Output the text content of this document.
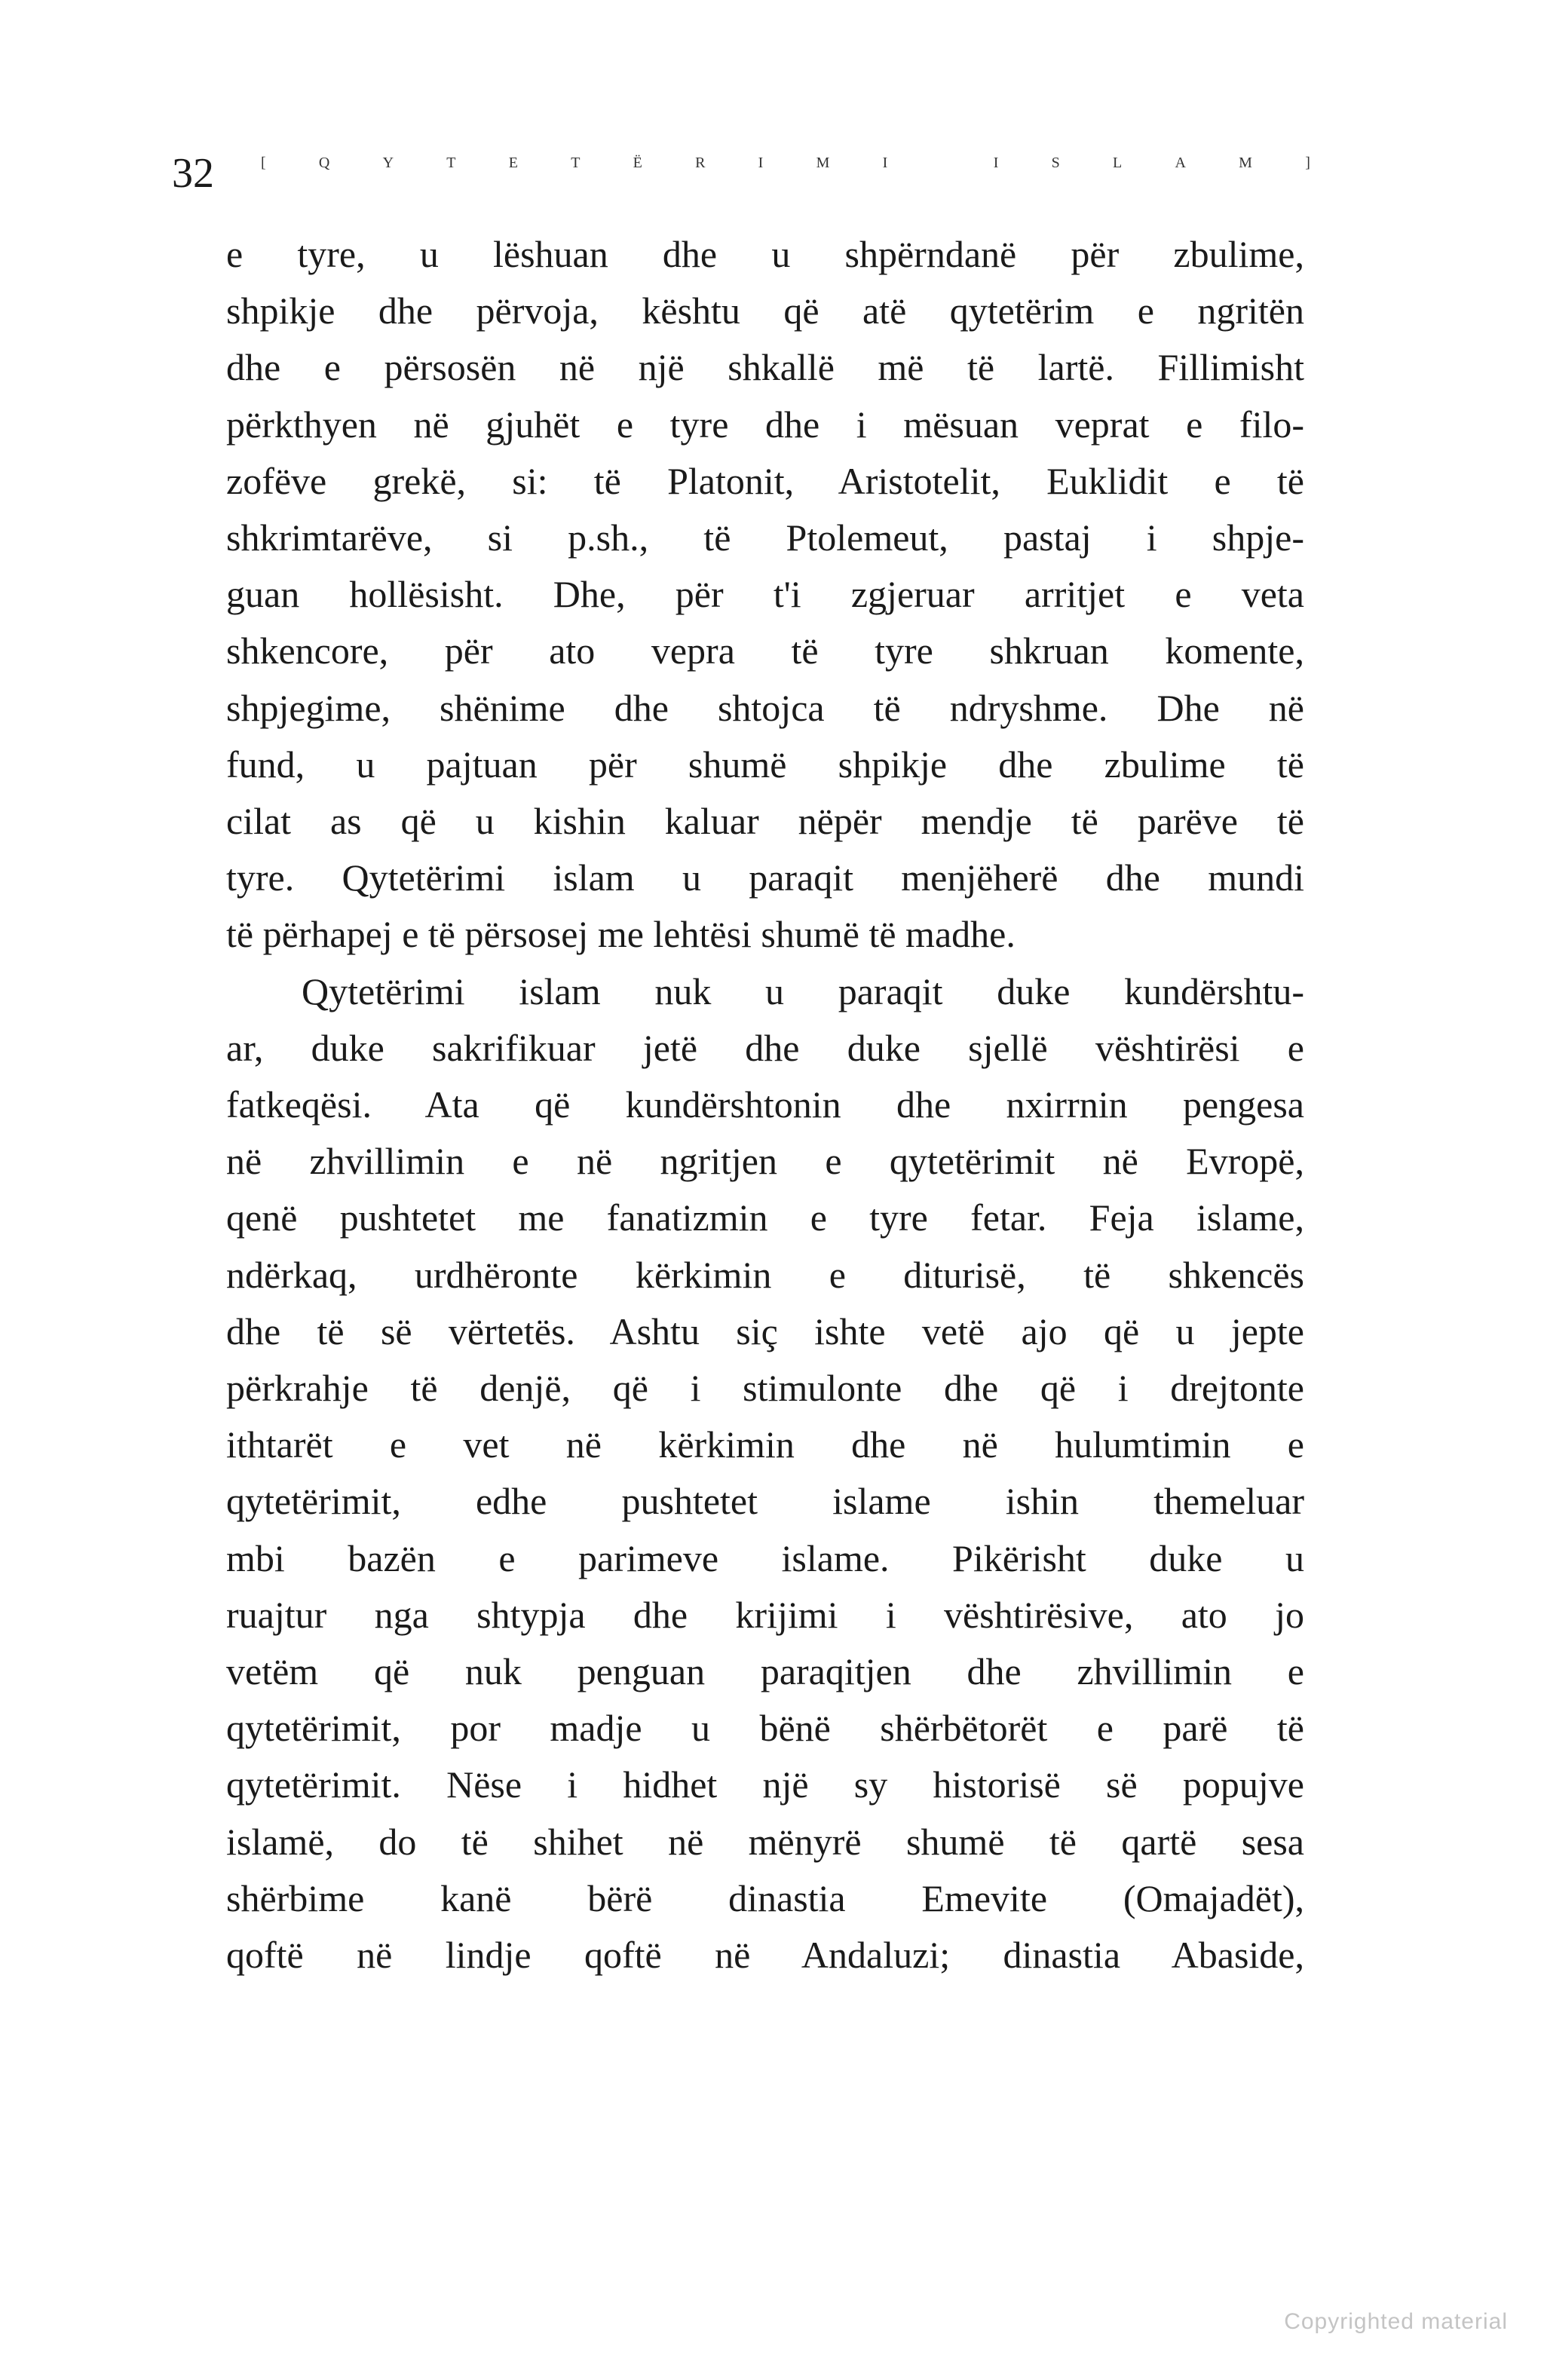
32	[	Q	Y	T	E	T	Ë	R	I	M	I	I	S	L	A	M	]
e tyre, u lëshuan dhe u shpërndanë për zbulime,
shpikje dhe përvoja, kështu që atë qytetërim e ngritën
dhe e përsosën në një shkallë më të lartë. Fillimisht
përkthyen në gjuhët e tyre dhe i mësuan veprat e filo-
zofëve grekë, si: të Platonit, Aristotelit, Euklidit e të
shkrimtarëve, si p.sh., të Ptolemeut, pastaj i shpje-
guan hollësisht. Dhe, për t'i zgjeruar arritjet e veta
shkencore, për ato vepra të tyre shkruan komente,
shpjegime, shënime dhe shtojca të ndryshme. Dhe në
fund, u pajtuan për shumë shpikje dhe zbulime të
cilat as që u kishin kaluar nëpër mendje të parëve të
tyre. Qytetërimi islam u paraqit menjëherë dhe mundi
të përhapej e të përsosej me lehtësi shumë të madhe.
Qytetërimi islam nuk u paraqit duke kundërshtu-
ar, duke sakrifikuar jetë dhe duke sjellë vështirësi e
fatkeqësi. Ata që kundërshtonin dhe nxirrnin pengesa
në zhvillimin e në ngritjen e qytetërimit në Evropë,
qenë pushtetet me fanatizmin e tyre fetar. Feja islame,
ndërkaq, urdhëronte kërkimin e diturisë, të shkencës
dhe të së vërtetës. Ashtu siç ishte vetë ajo që u jepte
përkrahje të denjë, që i stimulonte dhe që i drejtonte
ithtarët e vet në kërkimin dhe në hulumtimin e
qytetërimit, edhe pushtetet islame ishin themeluar
mbi bazën e parimeve islame. Pikërisht duke u
ruajtur nga shtypja dhe krijimi i vështirësive, ato jo
vetëm që nuk penguan paraqitjen dhe zhvillimin e
qytetërimit, por madje u bënë shërbëtorët e parë të
qytetërimit. Nëse i hidhet një sy historisë së popujve
islamë, do të shihet në mënyrë shumë të qartë sesa
shërbime kanë bërë dinastia Emevite (Omajadët),
qoftë në lindje qoftë në Andaluzi; dinastia Abaside,
Copyrighted material
